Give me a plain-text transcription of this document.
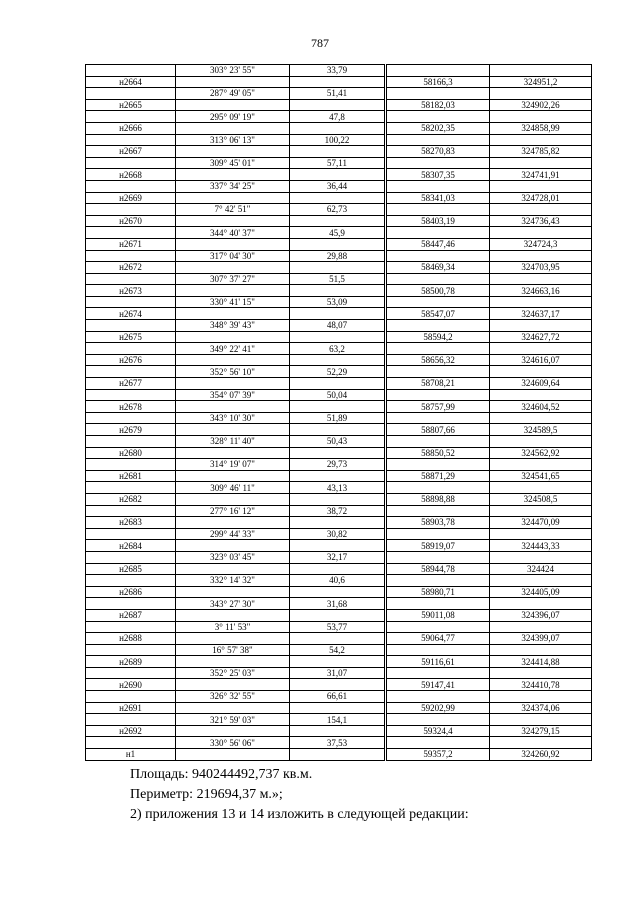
787
	303° 23' 55"	33,79			
н2664				58166,3	324951,2
	287° 49' 05"	51,41			
н2665				58182,03	324902,26
	295° 09' 19"	47,8			
н2666				58202,35	324858,99
	313° 06' 13"	100,22			
н2667				58270,83	324785,82
	309° 45' 01"	57,11			
н2668				58307,35	324741,91
	337° 34' 25"	36,44			
н2669				58341,03	324728,01
	7° 42' 51"	62,73			
н2670				58403,19	324736,43
	344° 40' 37"	45,9			
н2671				58447,46	324724,3
	317° 04' 30"	29,88			
н2672				58469,34	324703,95
	307° 37' 27"	51,5			
н2673				58500,78	324663,16
	330° 41' 15"	53,09			
н2674				58547,07	324637,17
	348° 39' 43"	48,07			
н2675				58594,2	324627,72
	349° 22' 41"	63,2			
н2676				58656,32	324616,07
	352° 56' 10"	52,29			
н2677				58708,21	324609,64
	354° 07' 39"	50,04			
н2678				58757,99	324604,52
	343° 10' 30"	51,89			
н2679				58807,66	324589,5
	328° 11' 40"	50,43			
н2680				58850,52	324562,92
	314° 19' 07"	29,73			
н2681				58871,29	324541,65
	309° 46' 11"	43,13			
н2682				58898,88	324508,5
	277° 16' 12"	38,72			
н2683				58903,78	324470,09
	299° 44' 33"	30,82			
н2684				58919,07	324443,33
	323° 03' 45"	32,17			
н2685				58944,78	324424
	332° 14' 32"	40,6			
н2686				58980,71	324405,09
	343° 27' 30"	31,68			
н2687				59011,08	324396,07
	3° 11' 53"	53,77			
н2688				59064,77	324399,07
	16° 57' 38"	54,2			
н2689				59116,61	324414,88
	352° 25' 03"	31,07			
н2690				59147,41	324410,78
	326° 32' 55"	66,61			
н2691				59202,99	324374,06
	321° 59' 03"	154,1			
н2692				59324,4	324279,15
	330° 56' 06"	37,53			
н1				59357,2	324260,92
Площадь: 940244492,737 кв.м.
Периметр: 219694,37 м.»;
2) приложения 13 и 14 изложить в следующей редакции:
